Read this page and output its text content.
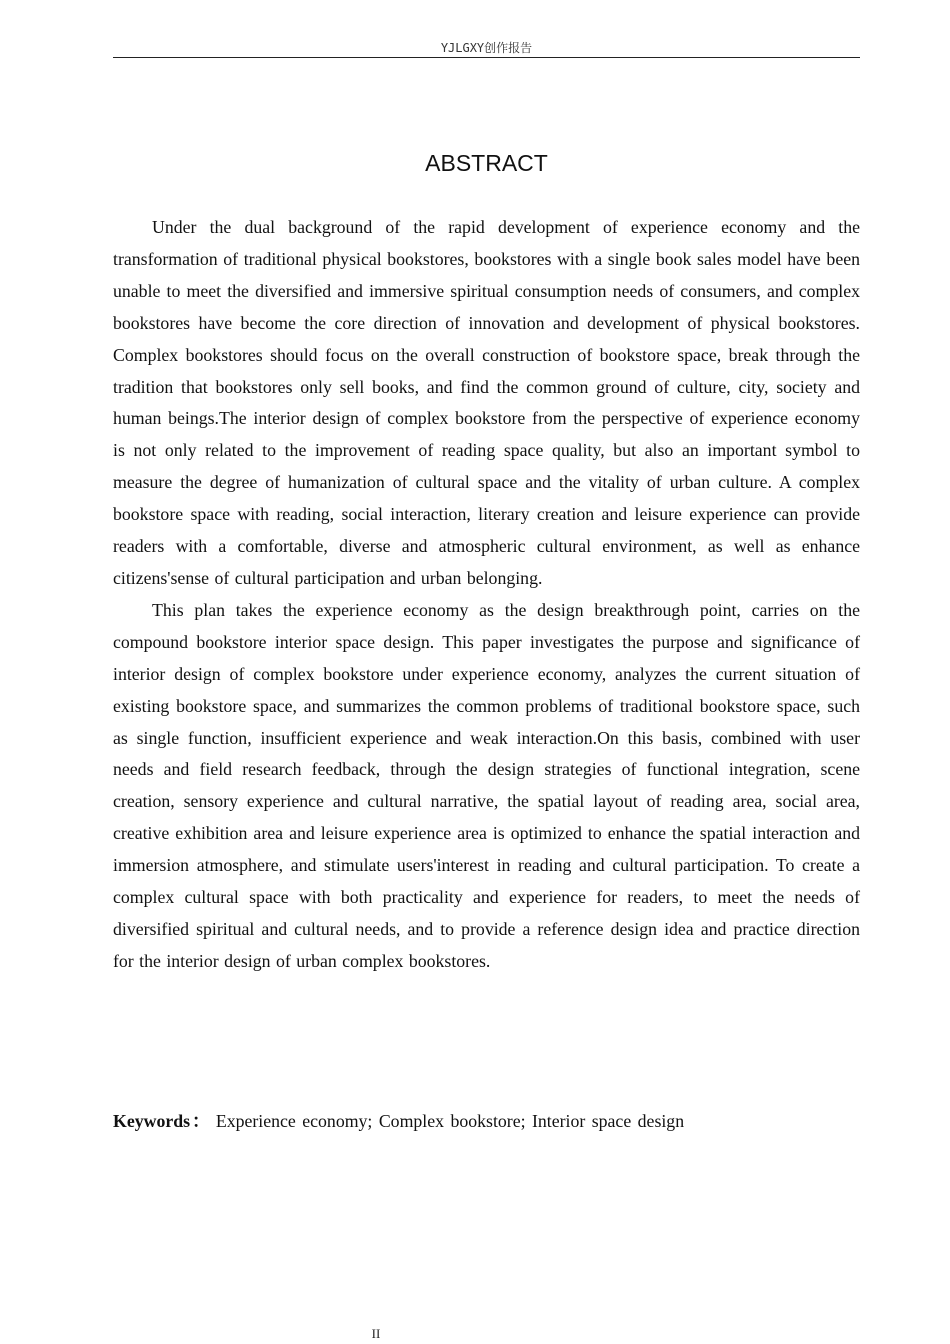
YJLGXY创作报告
ABSTRACT

Under the dual background of the rapid development of experience economy and the transformation of traditional physical bookstores, bookstores with a single book sales model have been unable to meet the diversified and immersive spiritual consumption needs of consumers, and complex bookstores have become the core direction of innovation and development of physical bookstores. Complex bookstores should focus on the overall construction of bookstore space, break through the tradition that bookstores only sell books, and find the common ground of culture, city, society and human beings.The interior design of complex bookstore from the perspective of experience economy is not only related to the improvement of reading space quality, but also an important symbol to measure the degree of humanization of cultural space and the vitality of urban culture. A complex bookstore space with reading, social interaction, literary creation and leisure experience can provide readers with a comfortable, diverse and atmospheric cultural environment, as well as enhance citizens'sense of cultural participation and urban belonging.

This plan takes the experience economy as the design breakthrough point, carries on the compound bookstore interior space design. This paper investigates the purpose and significance of interior design of complex bookstore under experience economy, analyzes the current situation of existing bookstore space, and summarizes the common problems of traditional bookstore space, such as single function, insufficient experience and weak interaction.On this basis, combined with user needs and field research feedback, through the design strategies of functional integration, scene creation, sensory experience and cultural narrative, the spatial layout of reading area, social area, creative exhibition area and leisure experience area is optimized to enhance the spatial interaction and immersion atmosphere, and stimulate users'interest in reading and cultural participation. To create a complex cultural space with both practicality and experience for readers, to meet the needs of diversified spiritual and cultural needs, and to provide a reference design idea and practice direction for the interior design of urban complex bookstores.

Keywords ： Experience economy; Complex bookstore; Interior space design
II
